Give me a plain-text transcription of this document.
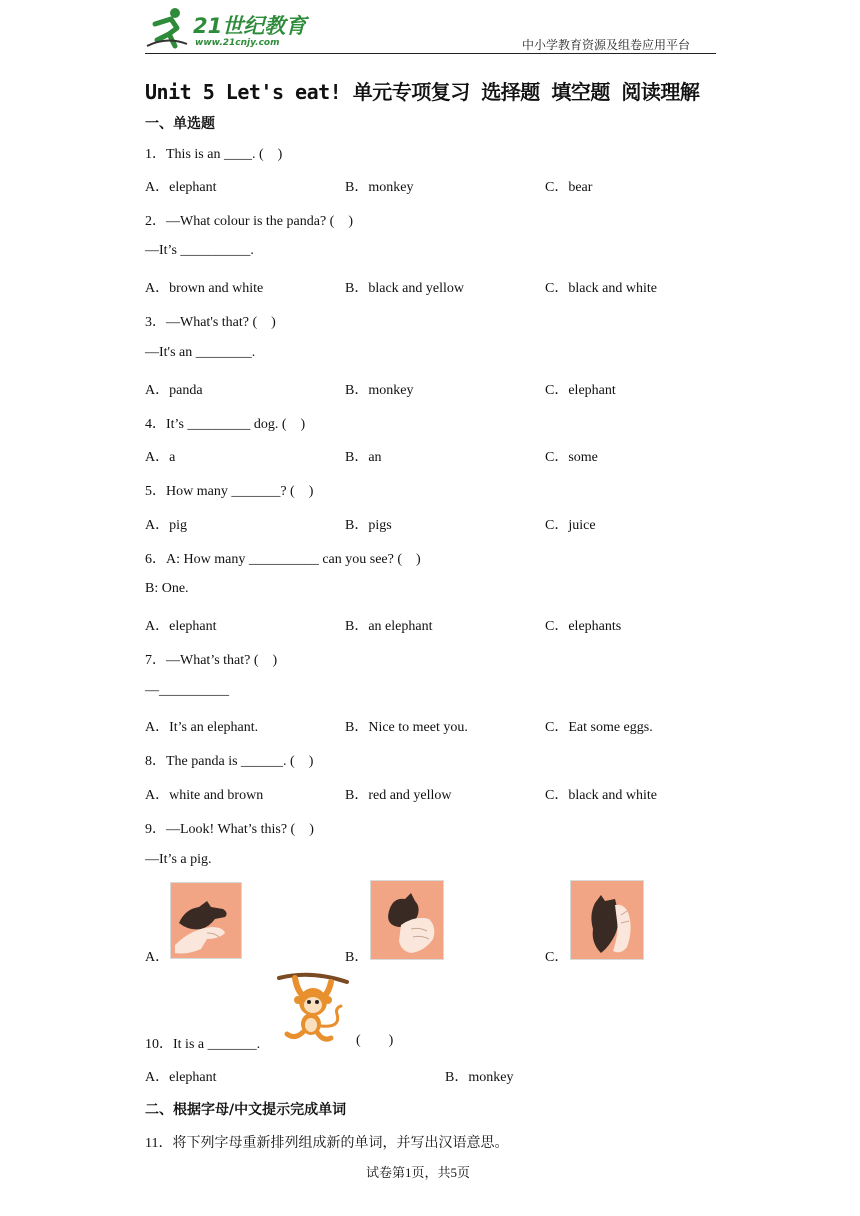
21世纪教育
www.21cnjy.com	中小学教育资源及组卷应用平台
Unit 5 Let's eat! 单元专项复习 选择题 填空题 阅读理解
一、单选题
1．This is an ____. (    )
A．elephant	B．monkey	C．bear
2．—What colour is the panda? (    )
—It’s __________.
A．brown and white	B．black and yellow	C．black and white
3．—What's that? (    )
—It's an ________.
A．panda	B．monkey	C．elephant
4．It’s _________ dog. (    )
A．a	B．an	C．some
5．How many _______? (    )
A．pig	B．pigs	C．juice
6．A: How many __________ can you see? (    )
B: One.
A．elephant	B．an elephant	C．elephants
7．—What’s that? (    )
—__________
A．It’s an elephant.	B．Nice to meet you.	C．Eat some eggs.
8．The panda is ______. (    )
A．white and brown	B．red and yellow	C．black and white
9．—Look! What’s this? (    )
—It’s a pig.
A．	B．	C．
10．It is a _______.	(        )
A．elephant	B．monkey
二、根据字母/中文提示完成单词
11．将下列字母重新排列组成新的单词，并写出汉语意思。
试卷第1页，共5页
